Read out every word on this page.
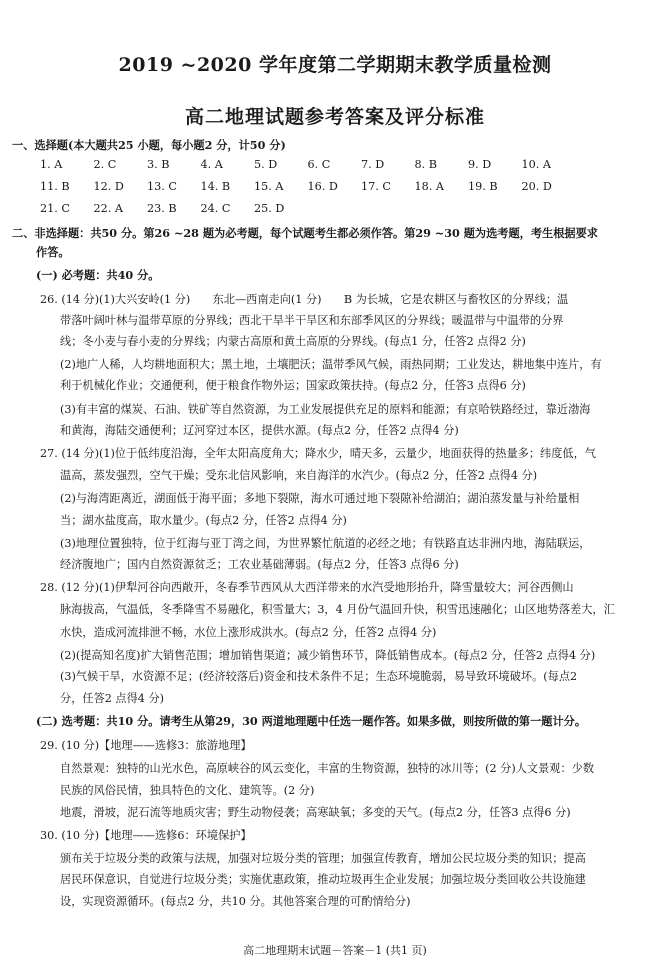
2019 ~2020 学年度第二学期期末教学质量检测
高二地理试题参考答案及评分标准
一、选择题(本大题共25 小题，每小题2 分，计50 分)
1. A	2. C	3. B	4. A	5. D	6. C	7. D	8. B	9. D	10. A
11. B 12. D 13. C 14. B 15. A 16. D 17. C 18. A 19. B 20. D
21. C 22. A 23. B 24. C 25. D
二、非选择题：共50 分。第26 ~28 题为必考题，每个试题考生都必须作答。第29 ~30 题为选考题，考生根据要求
作答。
(一) 必考题：共40 分。
26. (14 分)(1)大兴安岭(1 分)　　东北—西南走向(1 分)　　B 为长城，它是农耕区与畜牧区的分界线；温
带落叶阔叶林与温带草原的分界线；西北干旱半干旱区和东部季风区的分界线；暖温带与中温带的分界
线；冬小麦与春小麦的分界线；内蒙古高原和黄土高原的分界线。(每点1 分，任答2 点得2 分)
(2)地广人稀，人均耕地面积大；黑土地，土壤肥沃；温带季风气候，雨热同期；工业发达，耕地集中连片，有
利于机械化作业；交通便利，便于粮食作物外运；国家政策扶持。(每点2 分，任答3 点得6 分)
(3)有丰富的煤炭、石油、铁矿等自然资源，为工业发展提供充足的原料和能源；有京哈铁路经过，靠近渤海
和黄海，海陆交通便利；辽河穿过本区，提供水源。(每点2 分，任答2 点得4 分)
27. (14 分)(1)位于低纬度沿海，全年太阳高度角大；降水少，晴天多，云量少，地面获得的热量多；纬度低，气
温高，蒸发强烈，空气干燥；受东北信风影响，来自海洋的水汽少。(每点2 分，任答2 点得4 分)
(2)与海湾距离近，湖面低于海平面；多地下裂隙，海水可通过地下裂隙补给湖泊；湖泊蒸发量与补给量相
当；湖水盐度高，取水量少。(每点2 分，任答2 点得4 分)
(3)地理位置独特，位于红海与亚丁湾之间，为世界繁忙航道的必经之地；有铁路直达非洲内地，海陆联运，
经济腹地广；国内自然资源贫乏；工农业基础薄弱。(每点2 分，任答3 点得6 分)
28. (12 分)(1)伊犁河谷向西敞开，冬春季节西风从大西洋带来的水汽受地形抬升，降雪量较大；河谷西侧山
脉海拔高，气温低，冬季降雪不易融化，积雪量大；3，4 月份气温回升快，积雪迅速融化；山区地势落差大，汇
水快，造成河流排泄不畅，水位上涨形成洪水。(每点2 分，任答2 点得4 分)
(2)(提高知名度)扩大销售范围；增加销售渠道；减少销售环节，降低销售成本。(每点2 分，任答2 点得4 分)
(3)气候干旱，水资源不足；(经济较落后)资金和技术条件不足；生态环境脆弱，易导致环境破坏。(每点2
分，任答2 点得4 分)
(二) 选考题：共10 分。请考生从第29，30 两道地理题中任选一题作答。如果多做，则按所做的第一题计分。
29. (10 分)【地理——选修3：旅游地理】
自然景观：独特的山光水色，高原峡谷的风云变化，丰富的生物资源，独特的冰川等；(2 分)人文景观：少数
民族的风俗民情，独具特色的文化、建筑等。(2 分)
地震，滑坡，泥石流等地质灾害；野生动物侵袭；高寒缺氧；多变的天气。(每点2 分，任答3 点得6 分)
30. (10 分)【地理——选修6：环境保护】
颁布关于垃圾分类的政策与法规，加强对垃圾分类的管理；加强宣传教育，增加公民垃圾分类的知识；提高
居民环保意识，自觉进行垃圾分类；实施优惠政策，推动垃圾再生企业发展；加强垃圾分类回收公共设施建
设，实现资源循环。(每点2 分，共10 分。其他答案合理的可酌情给分)
高二地理期末试题－答案－1 (共1 页)
